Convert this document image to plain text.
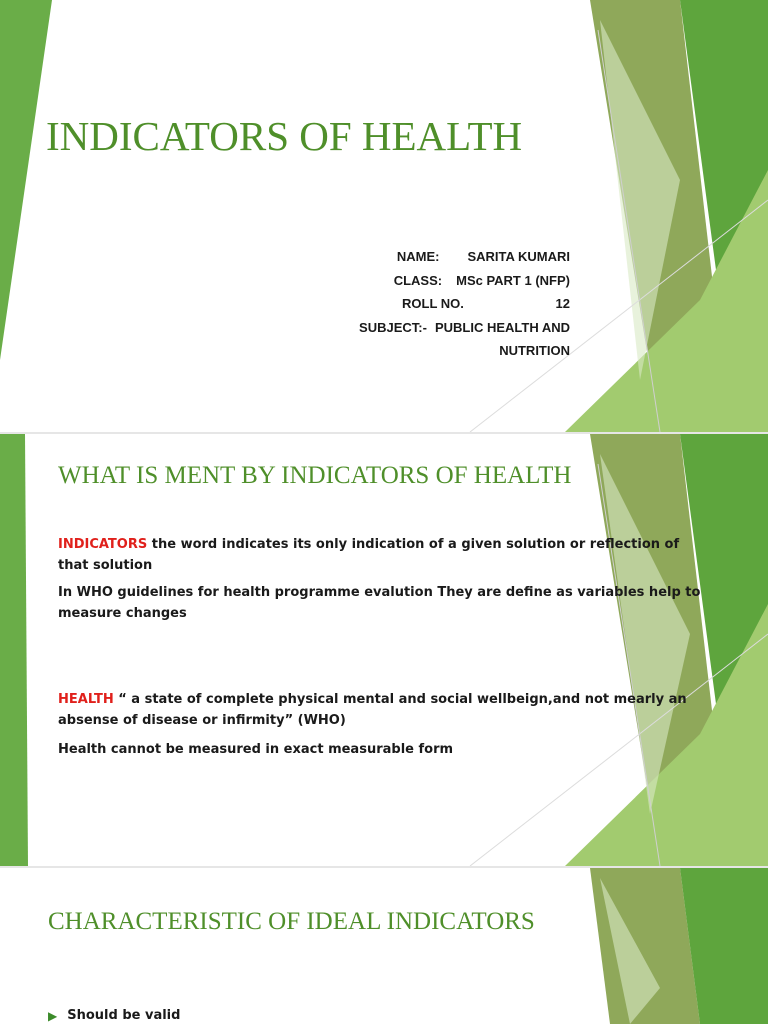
INDICATORS OF HEALTH
NAME: SARITA KUMARI
CLASS: MSc PART 1 (NFP)
ROLL NO.	12
SUBJECT:- PUBLIC HEALTH AND
NUTRITION
WHAT IS MENT BY INDICATORS OF HEALTH
INDICATORS the word indicates its only indication of a given solution or reflection of that solution
In WHO guidelines for health programme evalution They are define as variables help to measure changes
HEALTH “ a state of complete physical mental and social wellbeign,and not mearly an absense of disease or infirmity” (WHO)
Health cannot be measured in exact measurable form
CHARACTERISTIC OF IDEAL INDICATORS
▶ Should be valid
